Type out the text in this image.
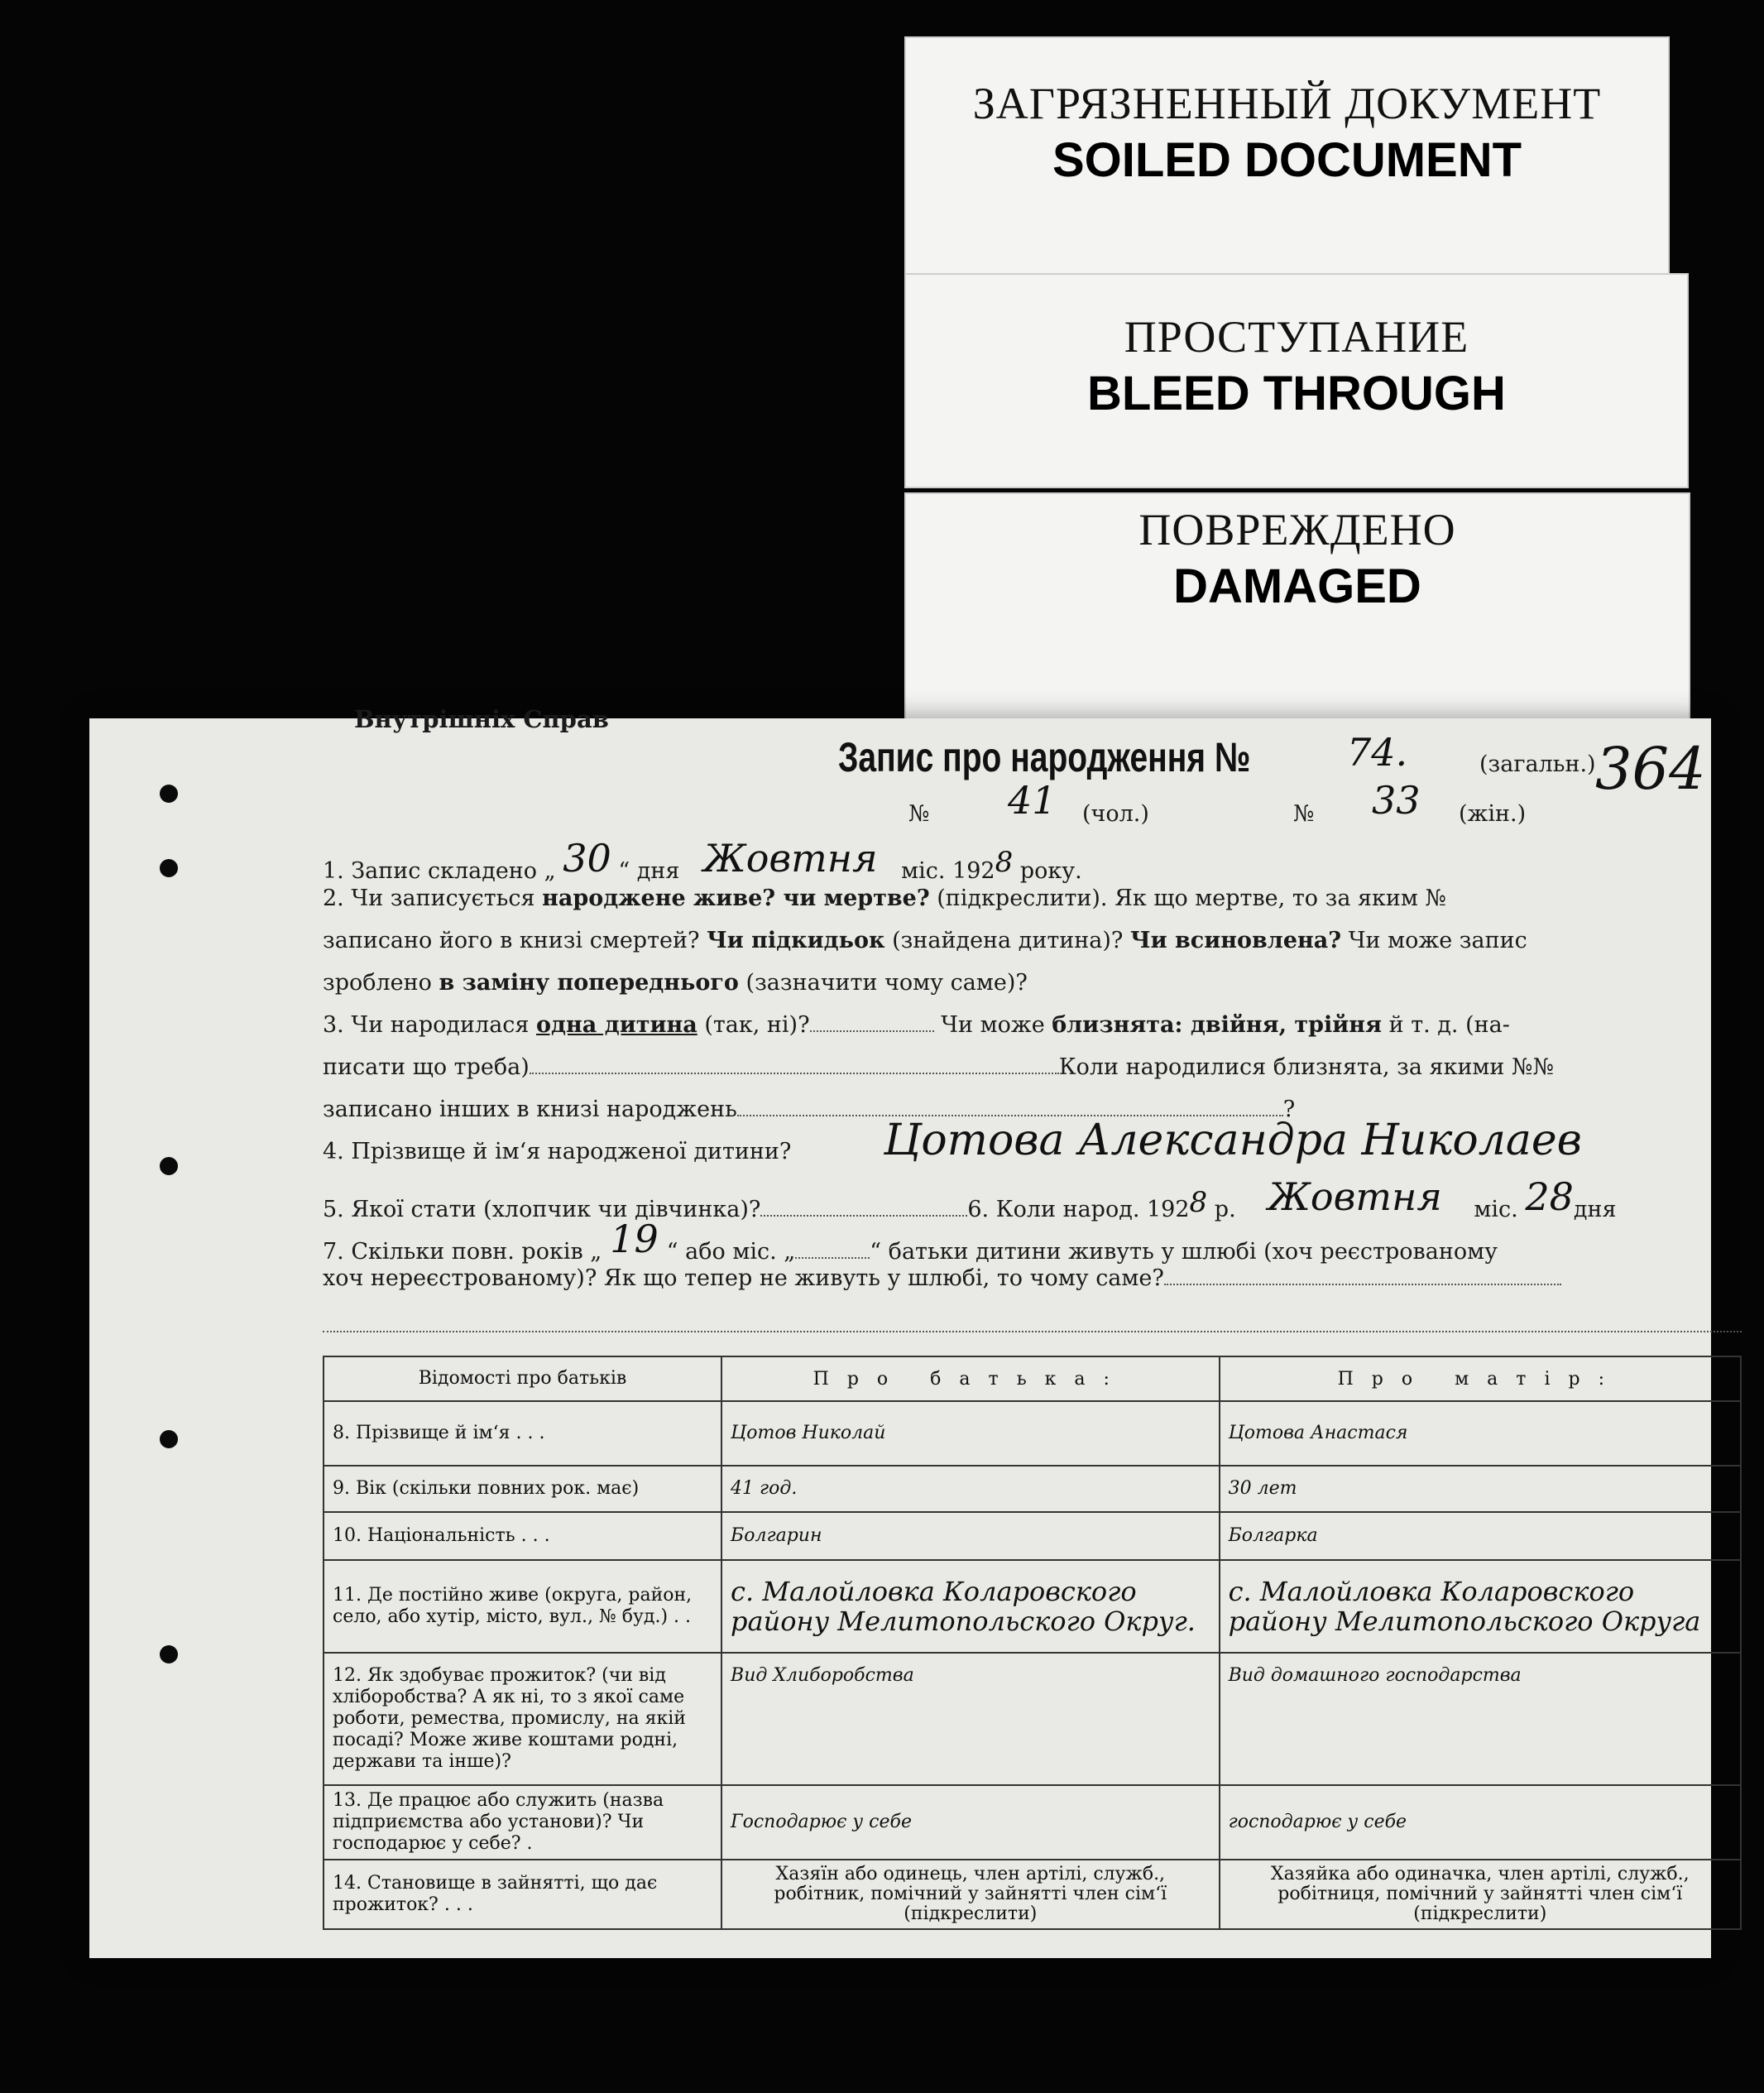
ЗАГРЯЗНЕННЫЙ ДОКУМЕНТ
SOILED DOCUMENT
ПРОСТУПАНИЕ
BLEED THROUGH
ПОВРЕЖДЕНО
DAMAGED
Внутрішніх Справ
Запис про народження №	74.	(загальн.) 364
№ 41 (чол.)	№ 33 (жін.)
1. Запис складено „ 30 “ дня Жовтня міс. 1928 року.
2. Чи записується народжене живе? чи мертве? (підкреслити). Як що мертве, то за яким №
записано його в книзі смертей? Чи підкидьок (знайдена дитина)? Чи всиновлена? Чи може запис
зроблено в заміну попереднього (зазначити чому саме)?
3. Чи народилася одна дитина (так, ні)?	Чи може близнята: двійня, трійня й т. д. (на-
писати що треба)	Коли народилися близнята, за якими №№
записано інших в книзі народжень	?
4. Прізвище й ім‘я народженої дитини? Цотова Александра Николаев
5. Якої стати (хлопчик чи дівчинка)?	6. Коли народ. 1928 р. Жовтня міс. 28дня
7. Скільки повн. років „ 19 “ або міс. „	“ батьки дитини живуть у шлюбі (хоч реєстрованому
хоч нереєстрованому)? Як що тепер не живуть у шлюбі, то чому саме?
Відомості про батьків	Про батька:	Про матір:
8. Прізвище й ім‘я . . .	Цотов Николай	Цотова Анастася
9. Вік (скільки повних рок. має)	41 год.	30 лет
10. Національність . . .	Болгарин	Болгарка
11. Де постійно живе (округа, район, село, або хутір, місто, вул., № буд.) . .	с. Малойловка Коларовского району Мелитопольского Округ.	с. Малойловка Коларовского району Мелитопольского Округа
12. Як здобуває прожиток? (чи від хліборобства? А як ні, то з якої саме роботи, ремества, промислу, на якій посаді? Може живе коштами родні, держави та інше)?	Вид Хлиборобства	Вид домашного господарства
13. Де працює або служить (назва підприємства або установи)? Чи господарює у себе? .	Господарює у себе	господарює у себе
14. Становище в зайнятті, що дає прожиток? . . .	Хазяїн або одинець, член артілі, служб., робітник, помічний у зайнятті член сім‘ї (підкреслити)	Хазяйка або одиначка, член артілі, служб., робітниця, помічний у зайнятті член сім‘ї (підкреслити)
